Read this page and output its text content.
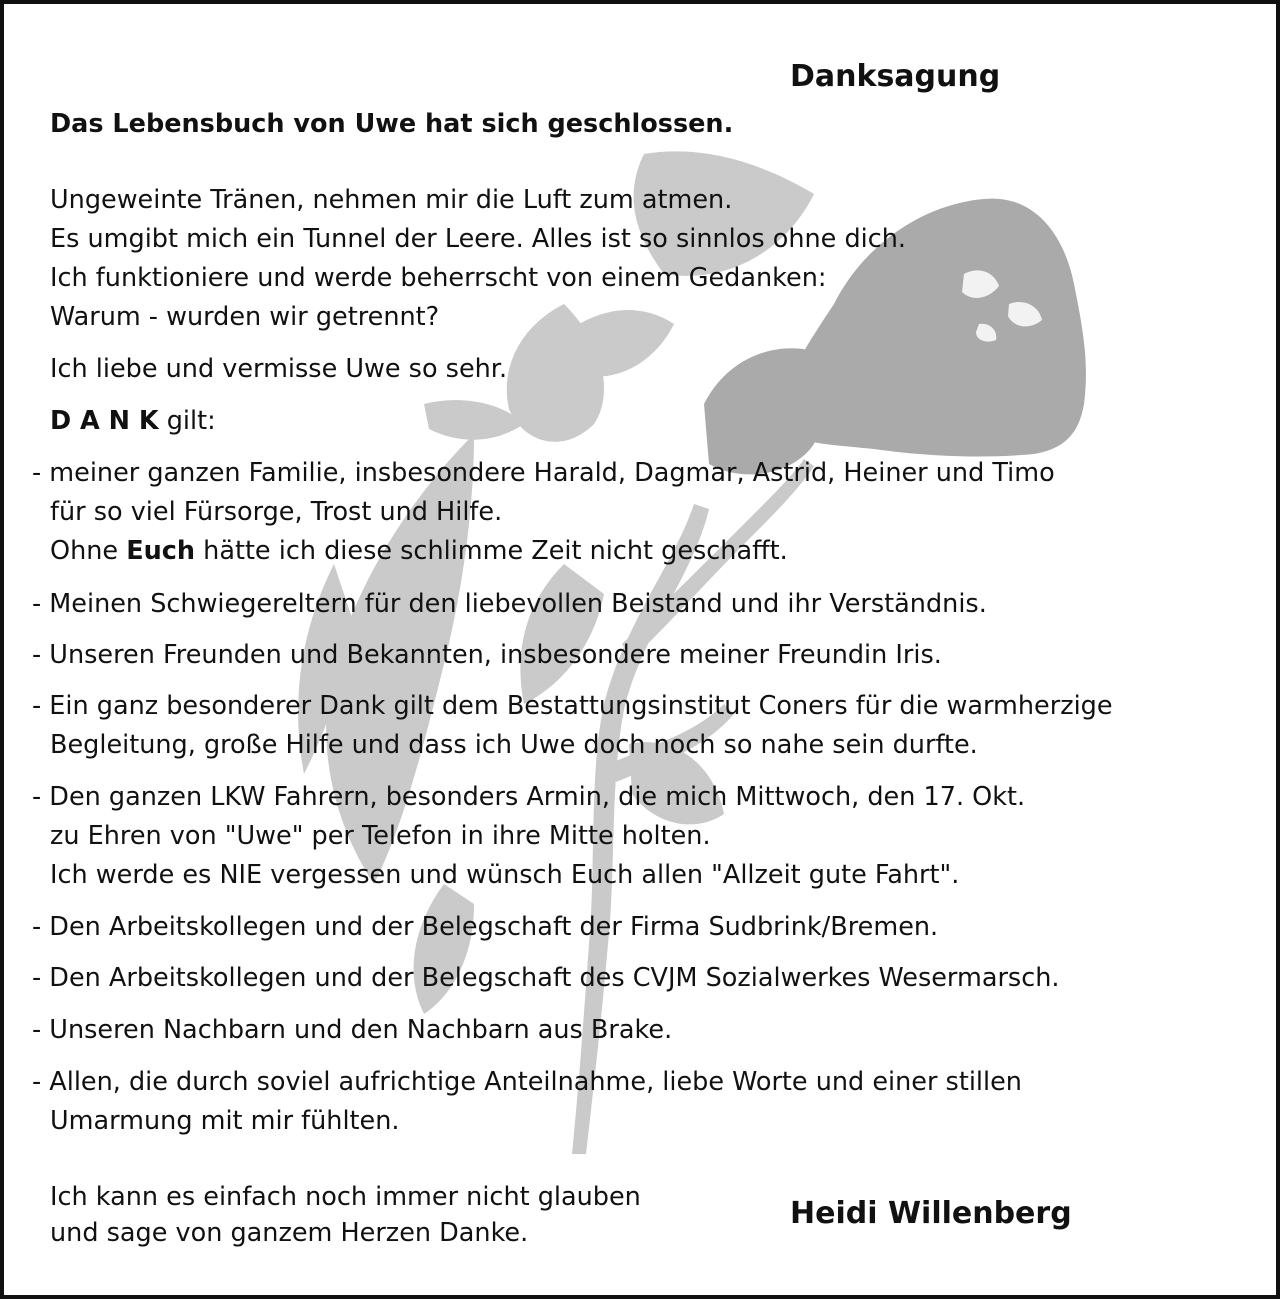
Danksagung
Das Lebensbuch von Uwe hat sich geschlossen.
Ungeweinte Tränen, nehmen mir die Luft zum atmen.
Es umgibt mich ein Tunnel der Leere. Alles ist so sinnlos ohne dich.
Ich funktioniere und werde beherrscht von einem Gedanken:
Warum - wurden wir getrennt?
Ich liebe und vermisse Uwe so sehr.
D A N K gilt:
- meiner ganzen Familie, insbesondere Harald, Dagmar, Astrid, Heiner und Timo
für so viel Fürsorge, Trost und Hilfe.
Ohne Euch hätte ich diese schlimme Zeit nicht geschafft.
- Meinen Schwiegereltern für den liebevollen Beistand und ihr Verständnis.
- Unseren Freunden und Bekannten, insbesondere meiner Freundin Iris.
- Ein ganz besonderer Dank gilt dem Bestattungsinstitut Coners für die warmherzige
Begleitung, große Hilfe und dass ich Uwe doch noch so nahe sein durfte.
- Den ganzen LKW Fahrern, besonders Armin, die mich Mittwoch, den 17. Okt.
zu Ehren von "Uwe" per Telefon in ihre Mitte holten.
Ich werde es NIE vergessen und wünsch Euch allen "Allzeit gute Fahrt".
- Den Arbeitskollegen und der Belegschaft der Firma Sudbrink/Bremen.
- Den Arbeitskollegen und der Belegschaft des CVJM Sozialwerkes Wesermarsch.
- Unseren Nachbarn und den Nachbarn aus Brake.
- Allen, die durch soviel aufrichtige Anteilnahme, liebe Worte und einer stillen
Umarmung mit mir fühlten.
Ich kann es einfach noch immer nicht glauben
und sage von ganzem Herzen Danke.
Heidi Willenberg
